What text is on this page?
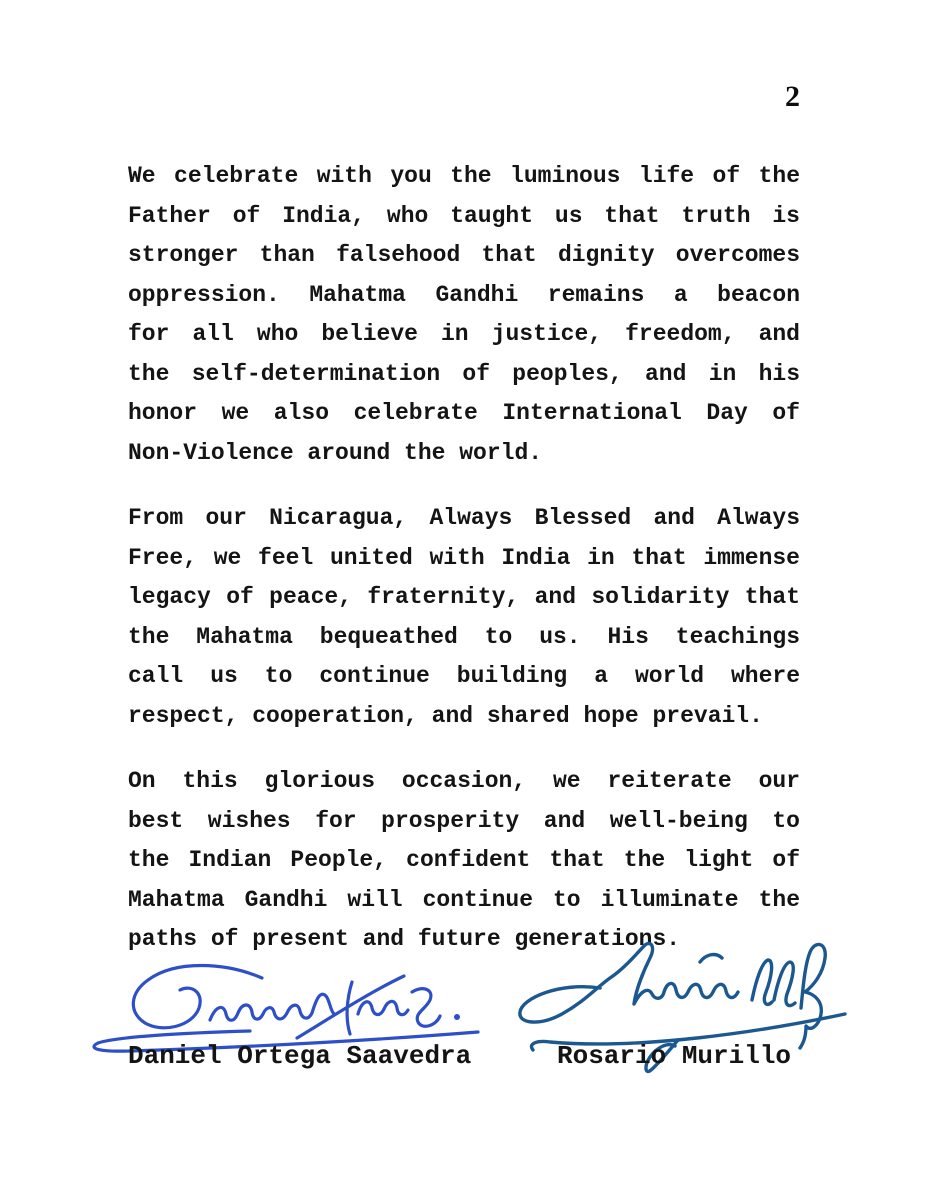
2
We celebrate with you the luminous life of the
Father of India, who taught us that truth is
stronger than falsehood that dignity overcomes
oppression. Mahatma Gandhi remains a beacon
for all who believe in justice, freedom, and
the self-determination of peoples, and in his
honor we also celebrate International Day of
Non-Violence around the world.
From our Nicaragua, Always Blessed and Always
Free, we feel united with India in that immense
legacy of peace, fraternity, and solidarity that
the Mahatma bequeathed to us. His teachings
call us to continue building a world where
respect, cooperation, and shared hope prevail.
On this glorious occasion, we reiterate our
best wishes for prosperity and well-being to
the Indian People, confident that the light of
Mahatma Gandhi will continue to illuminate the
paths of present and future generations.
Daniel Ortega Saavedra	Rosario Murillo
